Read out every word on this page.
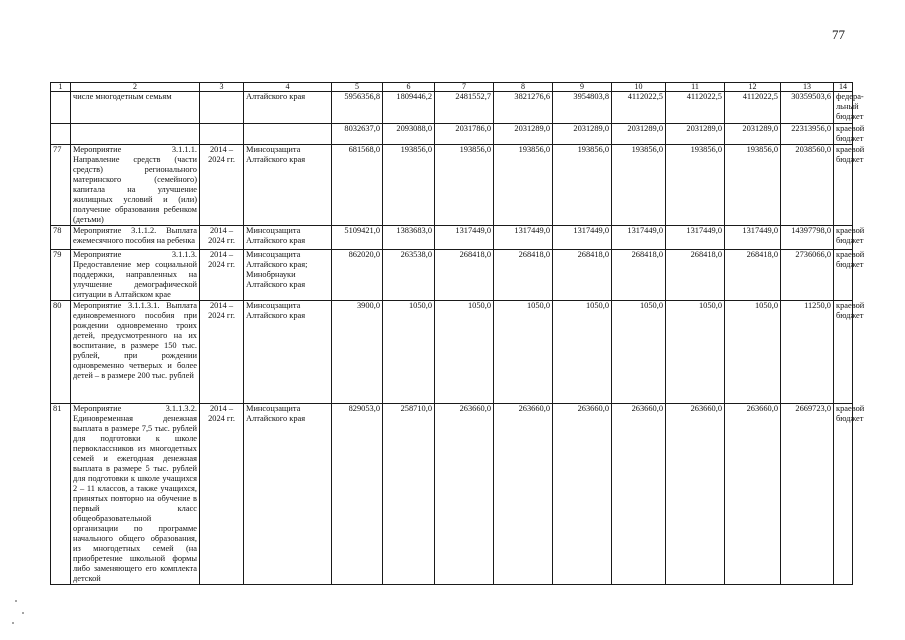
77
1	2	3	4	5	6	7	8	9	10	11	12	13	14
	числе многодетным семьям		Алтайского края	5956356,8	1809446,2	2481552,7	3821276,6	3954803,8	4112022,5	4112022,5	4112022,5	30359503,6	федера-льный бюджет
				8032637,0	2093088,0	2031786,0	2031289,0	2031289,0	2031289,0	2031289,0	2031289,0	22313956,0	краевой бюджет
77	Мероприятие 3.1.1.1. Направление средств (части средств) регионального материнского (семейного) капитала на улучшение жилищных условий и (или) получение образования ребенком (детьми)	2014 – 2024 гг.	Минсоцзащита Алтайского края	681568,0	193856,0	193856,0	193856,0	193856,0	193856,0	193856,0	193856,0	2038560,0	краевой бюджет
78	Мероприятие 3.1.1.2. Выплата ежемесячного пособия на ребенка	2014 – 2024 гг.	Минсоцзащита Алтайского края	5109421,0	1383683,0	1317449,0	1317449,0	1317449,0	1317449,0	1317449,0	1317449,0	14397798,0	краевой бюджет
79	Мероприятие 3.1.1.3. Предоставление мер социальной поддержки, направленных на улучшение демографической ситуации в Алтайском крае	2014 – 2024 гг.	Минсоцзащита Алтайского края; Минобрнауки Алтайского края	862020,0	263538,0	268418,0	268418,0	268418,0	268418,0	268418,0	268418,0	2736066,0	краевой бюджет
80	Мероприятие 3.1.1.3.1. Выплата единовременного пособия при рождении одновременно троих детей, предусмотренного на их воспитание, в размере 150 тыс. рублей, при рождении одновременно четверых и более детей – в размере 200 тыс. рублей	2014 – 2024 гг.	Минсоцзащита Алтайского края	3900,0	1050,0	1050,0	1050,0	1050,0	1050,0	1050,0	1050,0	11250,0	краевой бюджет
81	Мероприятие 3.1.1.3.2. Единовременная денежная выплата в размере 7,5 тыс. рублей для подготовки к школе первоклассников из многодетных семей и ежегодная денежная выплата в размере 5 тыс. рублей для подготовки к школе учащихся 2 – 11 классов, а также учащихся, принятых повторно на обучение в первый класс общеобразовательной организации по программе начального общего образования, из многодетных семей (на приобретение школьной формы либо заменяющего его комплекта детской	2014 – 2024 гг.	Минсоцзащита Алтайского края	829053,0	258710,0	263660,0	263660,0	263660,0	263660,0	263660,0	263660,0	2669723,0	краевой бюджет
